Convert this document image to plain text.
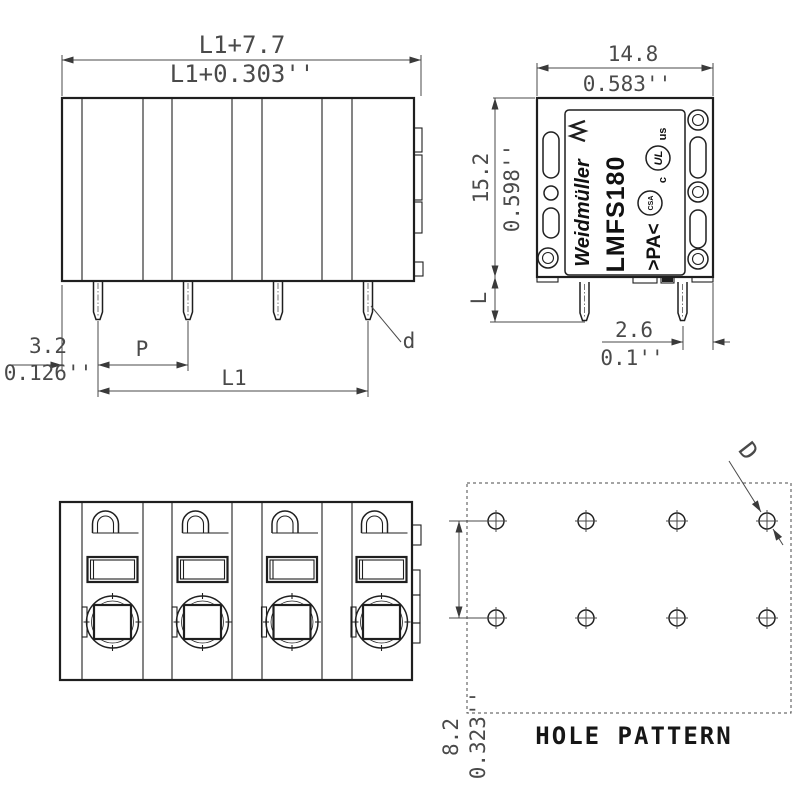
L1+7.7
L1+0.303''
3.2
0.126''
P
L1
d
Weidmüller LMFS180
us
UL
c
CSA
>PA<
14.8
0.583''
15.2 0.598''
L
2.6
0.1''
8.2 0.323''
D
HOLE PATTERN
